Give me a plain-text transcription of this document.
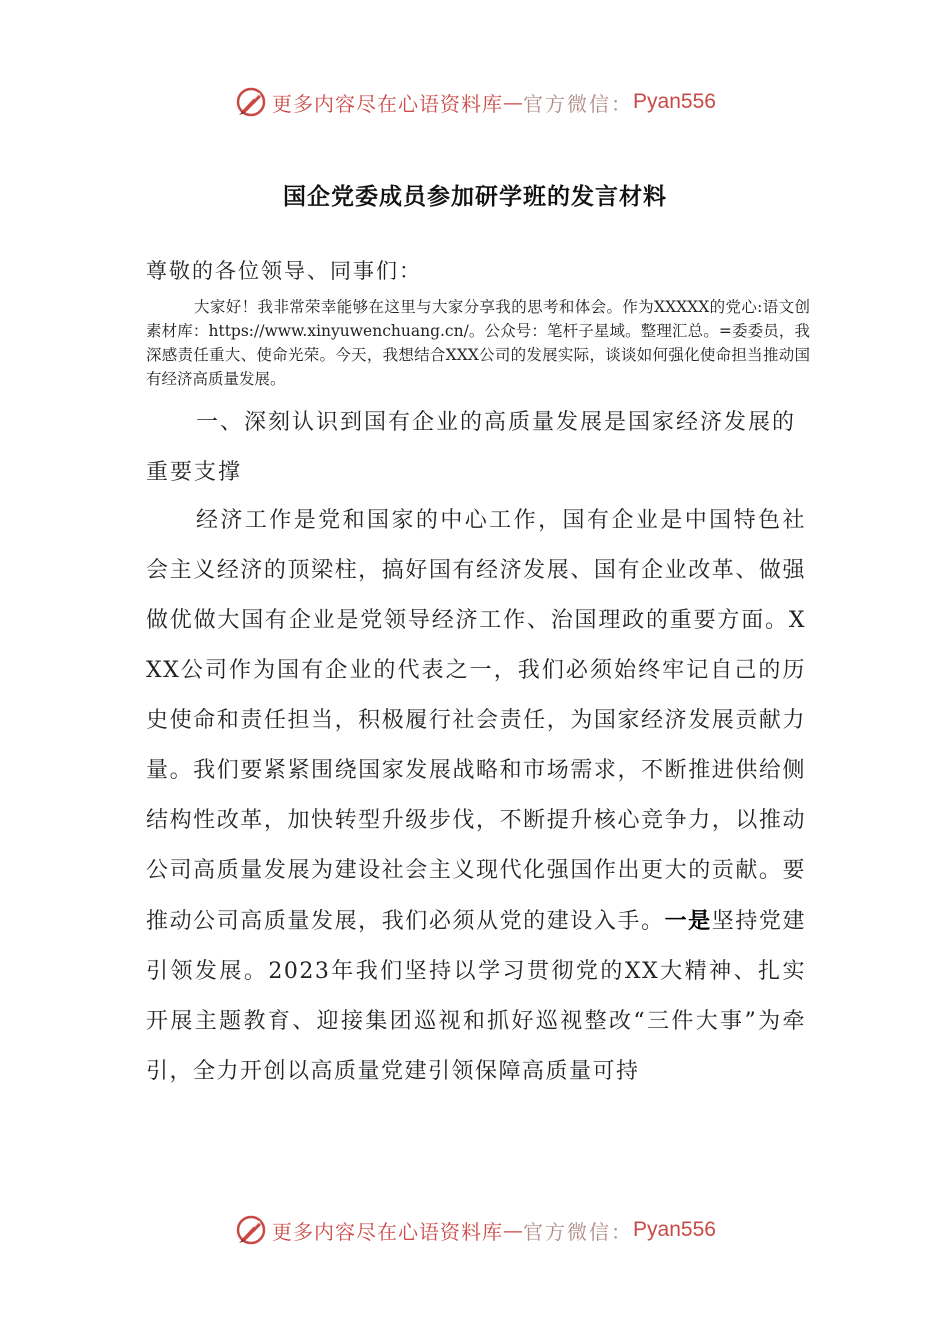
更多内容尽在心语资料库 — 官方微信： Pyan556
国企党委成员参加研学班的发言材料
尊敬的各位领导、同事们：
大家好！我非常荣幸能够在这里与大家分享我的思考和体会。作为XXXXX的党心:语文创素材库：https://www.xinyuwenchuang.cn/。公众号：笔杆子星域。整理汇总。=委委员，我深感责任重大、使命光荣。今天，我想结合XXX公司的发展实际，谈谈如何强化使命担当推动国有经济高质量发展。
一、深刻认识到国有企业的高质量发展是国家经济发展的重要支撑
经济工作是党和国家的中心工作，国有企业是中国特色社会主义经济的顶梁柱，搞好国有经济发展、国有企业改革、做强做优做大国有企业是党领导经济工作、治国理政的重要方面。XXX公司作为国有企业的代表之一，我们必须始终牢记自己的历史使命和责任担当，积极履行社会责任，为国家经济发展贡献力量。我们要紧紧围绕国家发展战略和市场需求，不断推进供给侧结构性改革，加快转型升级步伐，不断提升核心竞争力，以推动公司高质量发展为建设社会主义现代化强国作出更大的贡献。要推动公司高质量发展，我们必须从党的建设入手。一是坚持党建引领发展。2023年我们坚持以学习贯彻党的XX大精神、扎实开展主题教育、迎接集团巡视和抓好巡视整改“三件大事”为牵引，全力开创以高质量党建引领保障高质量可持
更多内容尽在心语资料库 — 官方微信： Pyan556
